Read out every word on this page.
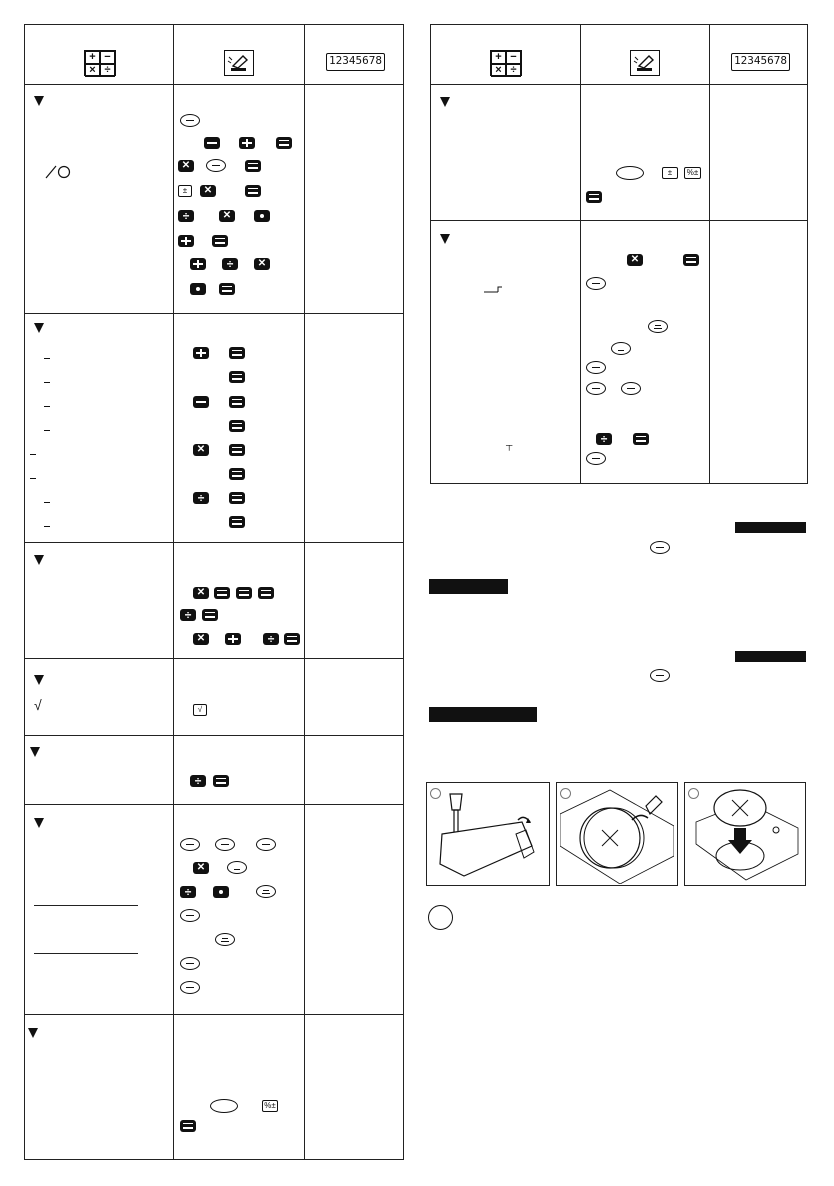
+ −
× ÷
12345678
✕
±
✕
÷
✕
÷
✕
✕
÷
✕
÷
✕
÷
√	√
÷
✕
÷
%±
+ −
× ÷
12345678
±	%±
┬
✕
÷
